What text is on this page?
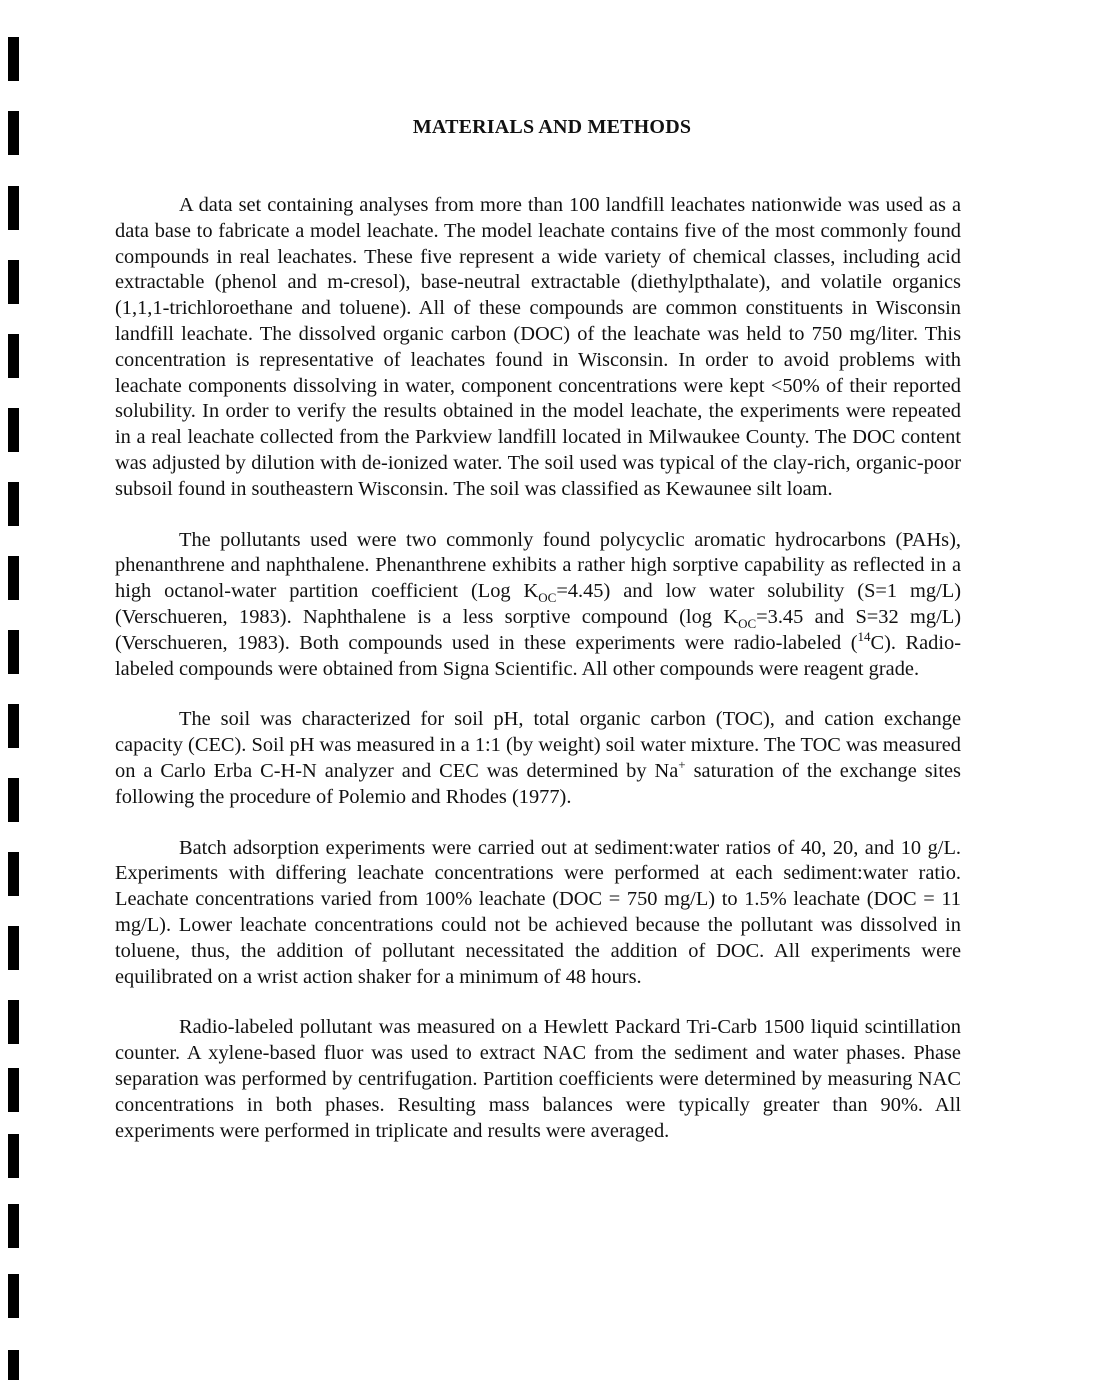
MATERIALS AND METHODS

A data set containing analyses from more than 100 landfill leachates nationwide was used as a data base to fabricate a model leachate. The model leachate contains five of the most commonly found compounds in real leachates. These five represent a wide variety of chemical classes, including acid extractable (phenol and m-cresol), base-neutral extractable (diethylpthalate), and volatile organics (1,1,1-trichloroethane and toluene). All of these compounds are common constituents in Wisconsin landfill leachate. The dissolved organic carbon (DOC) of the leachate was held to 750 mg/liter. This concentration is representative of leachates found in Wisconsin. In order to avoid problems with leachate components dissolving in water, component concentrations were kept <50% of their reported solubility. In order to verify the results obtained in the model leachate, the experiments were repeated in a real leachate collected from the Parkview landfill located in Milwaukee County. The DOC content was adjusted by dilution with de-ionized water. The soil used was typical of the clay-rich, organic-poor subsoil found in southeastern Wisconsin. The soil was classified as Kewaunee silt loam.

The pollutants used were two commonly found polycyclic aromatic hydrocarbons (PAHs), phenanthrene and naphthalene. Phenanthrene exhibits a rather high sorptive capability as reflected in a high octanol-water partition coefficient (Log $K_{OC}=4.45$) and low water solubility (S=1 mg/L) (Verschueren, 1983). Naphthalene is a less sorptive compound (log $K_{OC}=3.45$ and S=32 mg/L) (Verschueren, 1983). Both compounds used in these experiments were radio-labeled ($^{14}$C). Radio-labeled compounds were obtained from Signa Scientific. All other compounds were reagent grade.

The soil was characterized for soil pH, total organic carbon (TOC), and cation exchange capacity (CEC). Soil pH was measured in a 1:1 (by weight) soil water mixture. The TOC was measured on a Carlo Erba C-H-N analyzer and CEC was determined by Na+ saturation of the exchange sites following the procedure of Polemio and Rhodes (1977).

Batch adsorption experiments were carried out at sediment:water ratios of 40, 20, and 10 g/L. Experiments with differing leachate concentrations were performed at each sediment:water ratio. Leachate concentrations varied from 100% leachate (DOC = 750 mg/L) to 1.5% leachate (DOC = 11 mg/L). Lower leachate concentrations could not be achieved because the pollutant was dissolved in toluene, thus, the addition of pollutant necessitated the addition of DOC. All experiments were equilibrated on a wrist action shaker for a minimum of 48 hours.

Radio-labeled pollutant was measured on a Hewlett Packard Tri-Carb 1500 liquid scintillation counter. A xylene-based fluor was used to extract NAC from the sediment and water phases. Phase separation was performed by centrifugation. Partition coefficients were determined by measuring NAC concentrations in both phases. Resulting mass balances were typically greater than 90%. All experiments were performed in triplicate and results were averaged.
